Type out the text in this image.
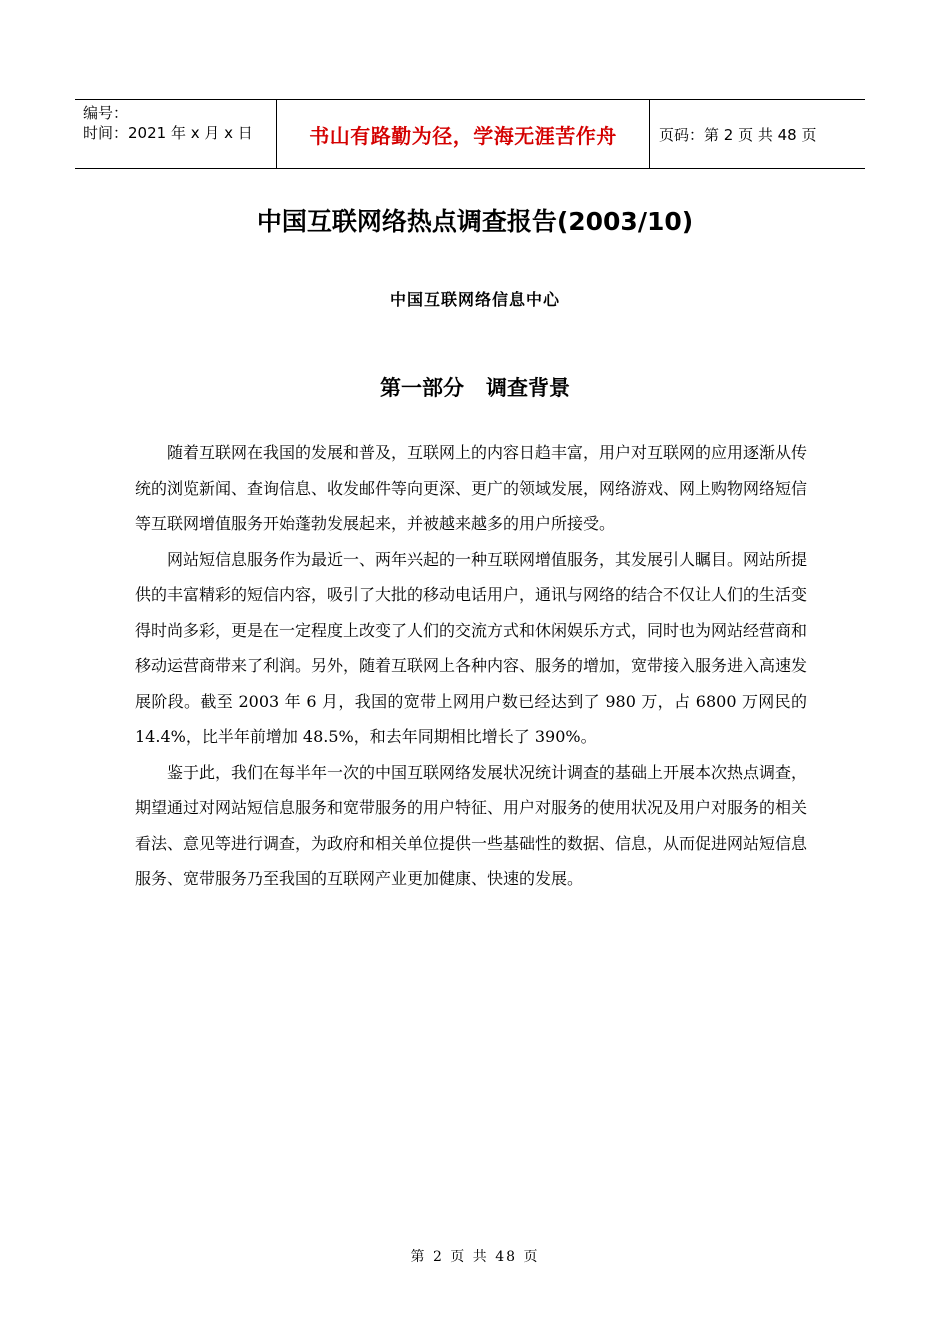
编号：
时间：2021 年 x 月 x 日	书山有路勤为径，学海无涯苦作舟	页码：第 2 页 共 48 页
中国互联网络热点调查报告(2003/10)
中国互联网络信息中心
第一部分   调查背景

随着互联网在我国的发展和普及，互联网上的内容日趋丰富，用户对互联网的应用逐渐从传统的浏览新闻、查询信息、收发邮件等向更深、更广的领域发展，网络游戏、网上购物网络短信等互联网增值服务开始蓬勃发展起来，并被越来越多的用户所接受。

网站短信息服务作为最近一、两年兴起的一种互联网增值服务，其发展引人瞩目。网站所提供的丰富精彩的短信内容，吸引了大批的移动电话用户，通讯与网络的结合不仅让人们的生活变得时尚多彩，更是在一定程度上改变了人们的交流方式和休闲娱乐方式，同时也为网站经营商和移动运营商带来了利润。另外，随着互联网上各种内容、服务的增加，宽带接入服务进入高速发展阶段。截至 2003 年 6 月，我国的宽带上网用户数已经达到了 980 万，占 6800 万网民的 14.4%，比半年前增加 48.5%，和去年同期相比增长了 390%。

鉴于此，我们在每半年一次的中国互联网络发展状况统计调查的基础上开展本次热点调查，期望通过对网站短信息服务和宽带服务的用户特征、用户对服务的使用状况及用户对服务的相关看法、意见等进行调查，为政府和相关单位提供一些基础性的数据、信息，从而促进网站短信息服务、宽带服务乃至我国的互联网产业更加健康、快速的发展。

第 2 页 共 48 页
